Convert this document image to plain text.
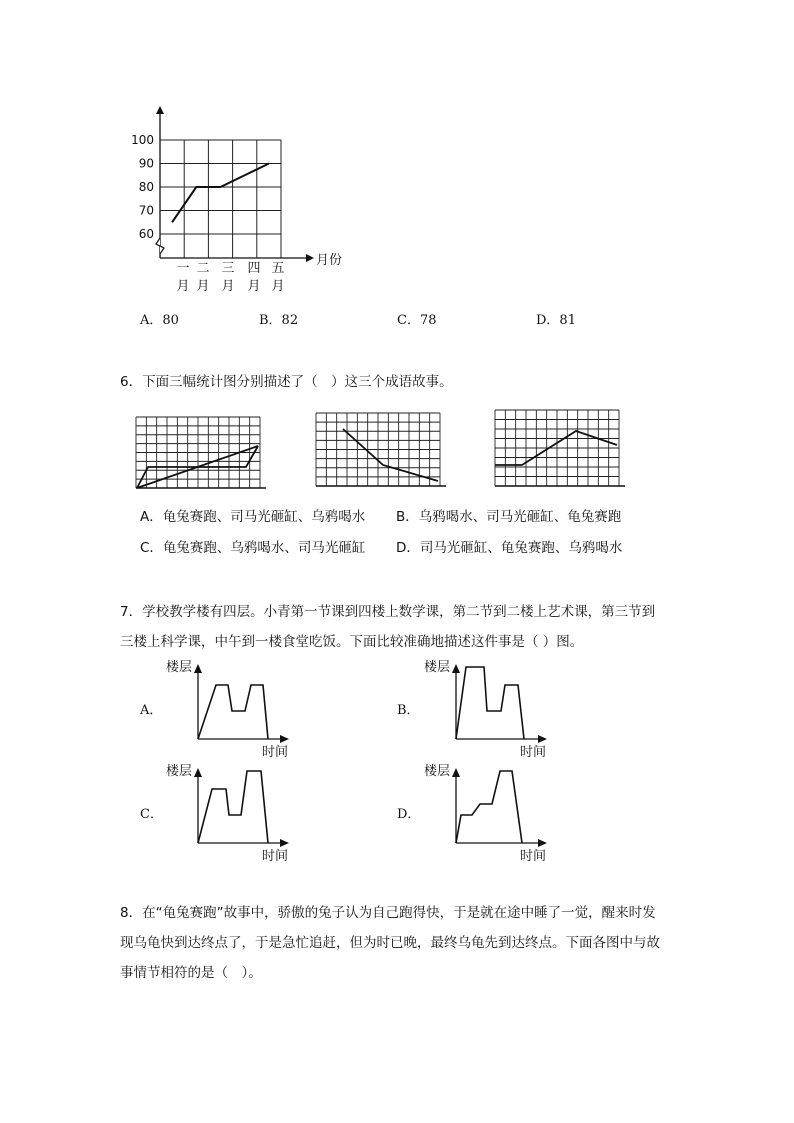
100
90
80
70
60
一
月
二
月
三
月
四
月
五
月
月份
A．80	B．82	C．78	D．81
6．下面三幅统计图分别描述了（　）这三个成语故事。
A．龟兔赛跑、司马光砸缸、乌鸦喝水 B．乌鸦喝水、司马光砸缸、龟兔赛跑
C．龟兔赛跑、乌鸦喝水、司马光砸缸 D．司马光砸缸、龟兔赛跑、乌鸦喝水
7．学校教学楼有四层。小青第一节课到四楼上数学课，第二节到二楼上艺术课，第三节到
三楼上科学课，中午到一楼食堂吃饭。下面比较准确地描述这件事是（ ）图。
A．	B．
C．	D．
楼层
时间
楼层
时间
楼层
时间
楼层
时间
8．在“龟兔赛跑”故事中，骄傲的兔子认为自己跑得快，于是就在途中睡了一觉，醒来时发
现乌龟快到达终点了，于是急忙追赶，但为时已晚，最终乌龟先到达终点。下面各图中与故
事情节相符的是（　）。
